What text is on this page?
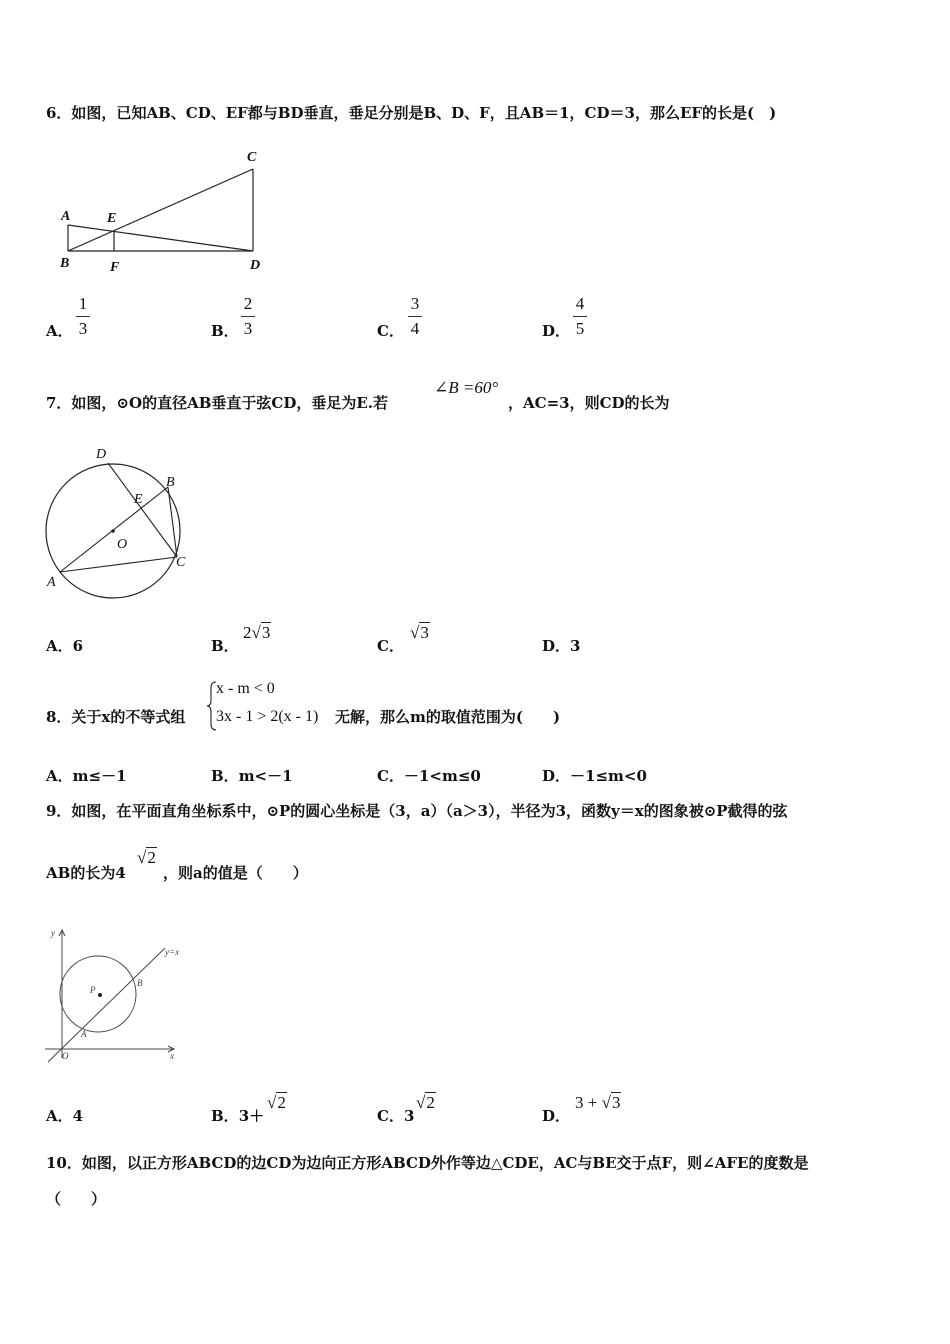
6．如图，已知AB、CD、EF都与BD垂直，垂足分别是B、D、F，且AB＝1，CD＝3，那么EF的长是(　)
A
B
C
D
E
F
A．
1
3	B．
2
3	C．
3
4	D．
4
5
7．如图，⊙O的直径AB垂直于弦CD，垂足为E.若
∠B =60°
，AC=3，则CD的长为
D
B
E
O
A
C
A．6	B．
2√3
C．
√3
D．3
8．关于x的不等式组
x - m < 0
3x - 1 > 2(x - 1) 无解，那么m的取值范围为(　　)
A．m≤－1	B．m<－1	C．－1<m≤0	D．－1≤m<0
9．如图，在平面直角坐标系中，⊙P的圆心坐标是（3，a）（a＞3），半径为3，函数y＝x的图象被⊙P截得的弦
AB的长为4
√2
，则a的值是（　　）
y
x
y=x
P
B
A
O
A．4	B．3＋
√2
C．3
√2
D．
3 + √3
10．如图，以正方形ABCD的边CD为边向正方形ABCD外作等边△CDE，AC与BE交于点F，则∠AFE的度数是
（　　）
